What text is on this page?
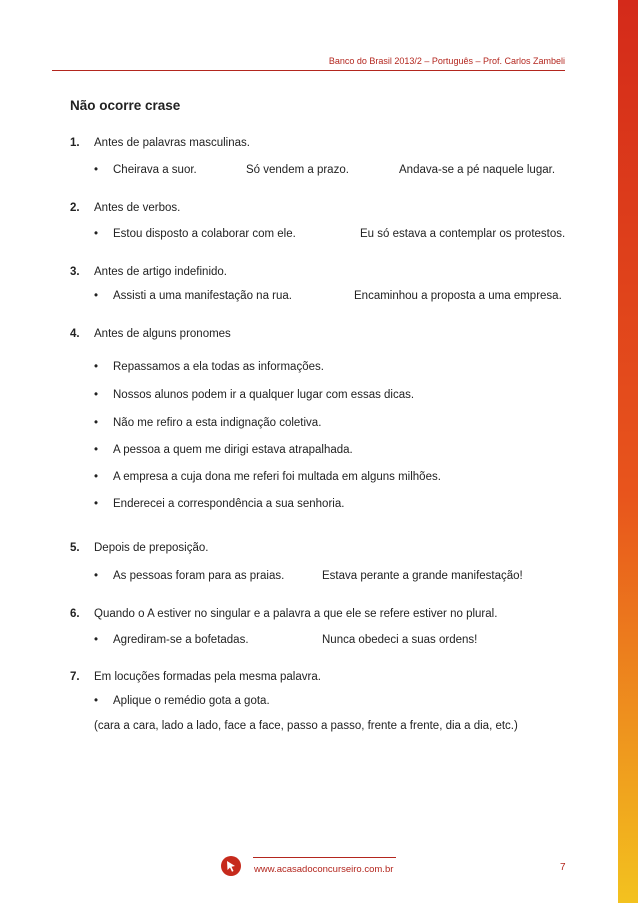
Banco do Brasil 2013/2 – Português – Prof. Carlos Zambeli
Não ocorre crase
1. Antes de palavras masculinas.
• Cheirava a suor.	Só vendem a prazo.	Andava-se a pé naquele lugar.
2. Antes de verbos.
• Estou disposto a colaborar com ele.	Eu só estava a contemplar os protestos.
3. Antes de artigo indefinido.
• Assisti a uma manifestação na rua.	Encaminhou a proposta a uma empresa.
4. Antes de alguns pronomes
• Repassamos a ela todas as informações.
• Nossos alunos podem ir a qualquer lugar com essas dicas.
• Não me refiro a esta indignação coletiva.
• A pessoa a quem me dirigi estava atrapalhada.
• A empresa a cuja dona me referi foi multada em alguns milhões.
• Enderecei a correspondência a sua senhoria.
5. Depois de preposição.
• As pessoas foram para as praias.	Estava perante a grande manifestação!
6. Quando o A estiver no singular e a palavra a que ele se refere estiver no plural.
• Agrediram-se a bofetadas.	Nunca obedeci a suas ordens!
7. Em locuções formadas pela mesma palavra.
• Aplique o remédio gota a gota.
(cara a cara, lado a lado, face a face, passo a passo, frente a frente, dia a dia, etc.)
www.acasadoconcurseiro.com.br	7
